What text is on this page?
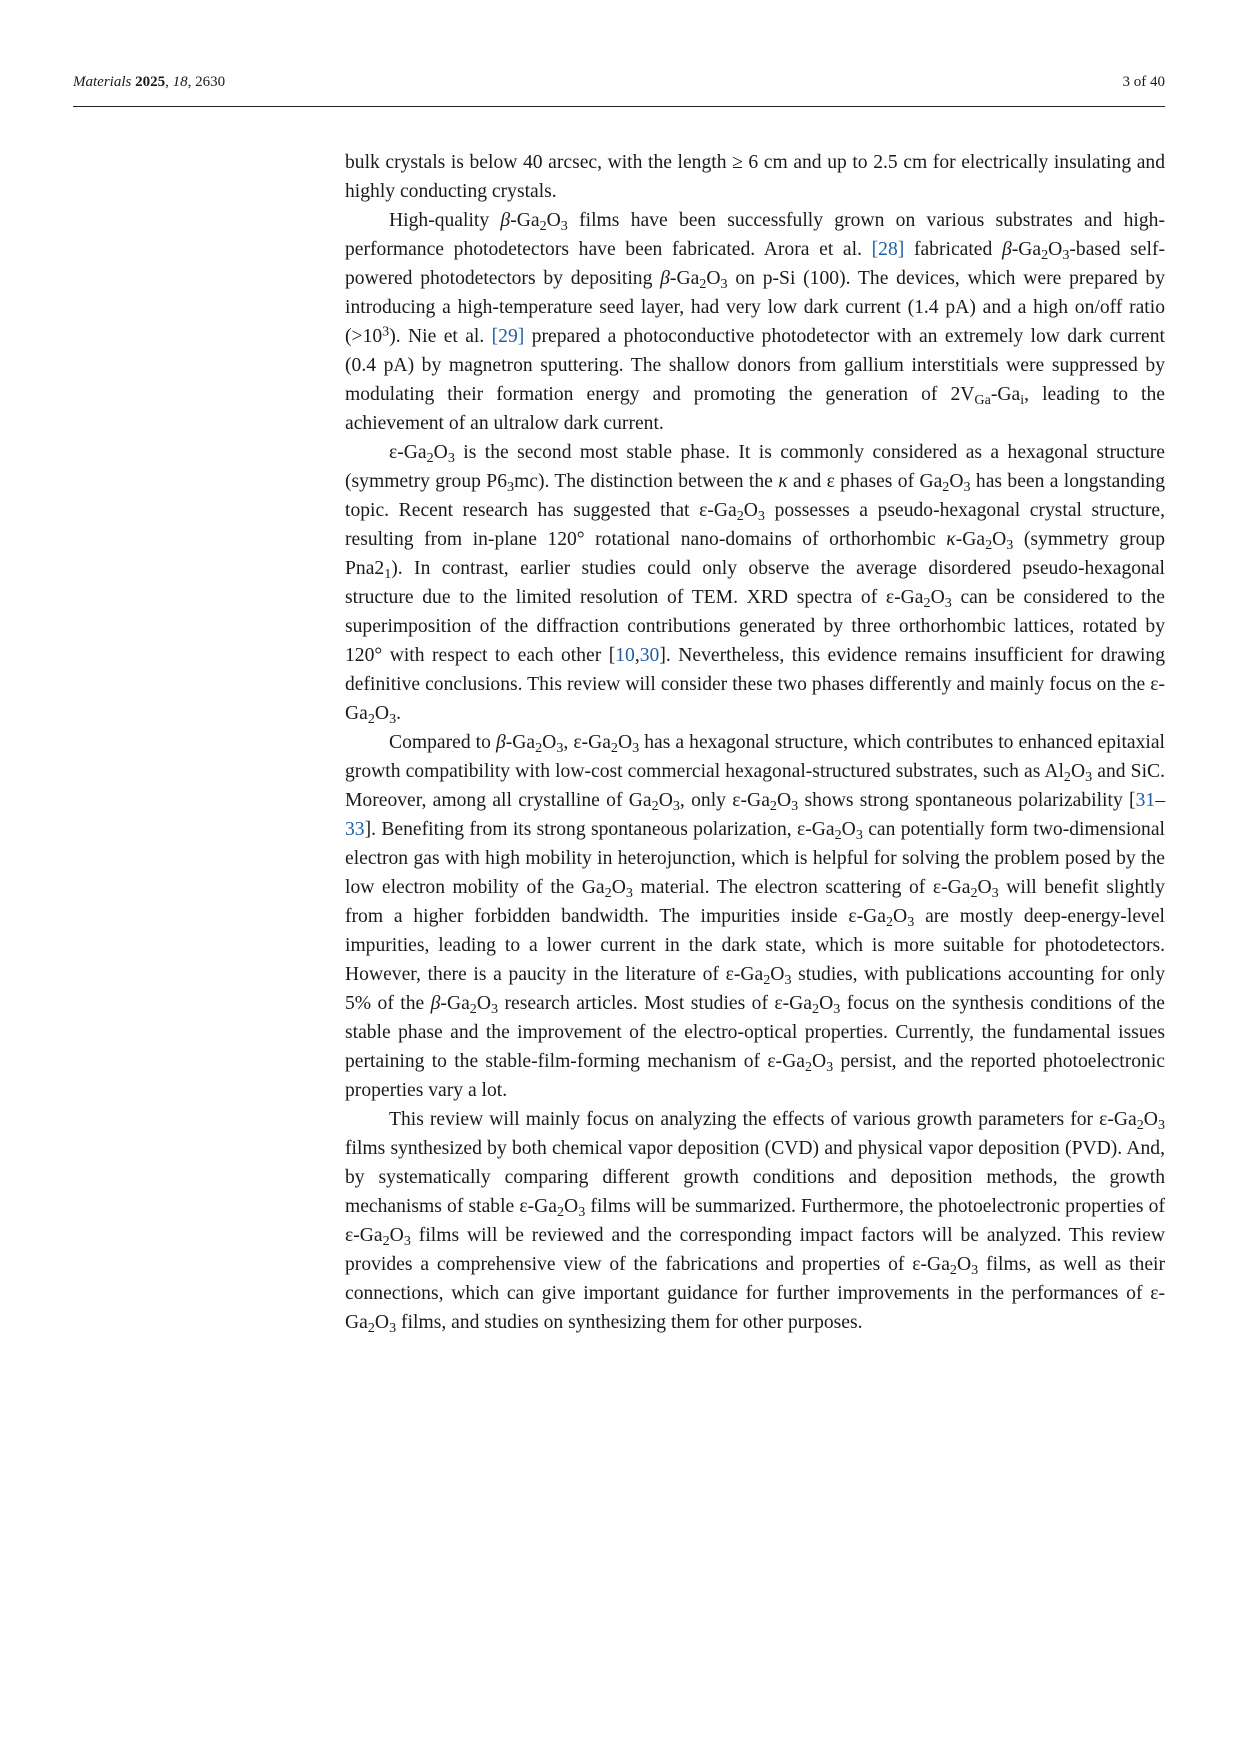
Materials 2025, 18, 2630	3 of 40

bulk crystals is below 40 arcsec, with the length ≥ 6 cm and up to 2.5 cm for electrically insulating and highly conducting crystals.

High-quality $\beta-Ga_2O_3$ films have been successfully grown on various substrates and high-performance photodetectors have been fabricated. Arora et al. [28] fabricated $\beta-Ga_2O_3$-based self-powered photodetectors by depositing $\beta-Ga_2O_3$ on p-Si (100). The devices, which were prepared by introducing a high-temperature seed layer, had very low dark current (1.4 pA) and a high on/off ratio $(>10^3)$. Nie et al. [29] prepared a photoconductive photodetector with an extremely low dark current (0.4 pA) by magnetron sputtering. The shallow donors from gallium interstitials were suppressed by modulating their formation energy and promoting the generation of $2V_{Ga}-Ga_i$, leading to the achievement of an ultralow dark current.

$\varepsilon-Ga_2O_3$ is the second most stable phase. It is commonly considered as a hexagonal structure (symmetry group $P6_3mc$). The distinction between the κ and ε phases of $Ga_2O_3$ has been a longstanding topic. Recent research has suggested that $\varepsilon-Ga_2O_3$ possesses a pseudo-hexagonal crystal structure, resulting from in-plane 120° rotational nano-domains of orthorhombic $\kappa-Ga_2O_3$ (symmetry group $Pna2_1$). In contrast, earlier studies could only observe the average disordered pseudo-hexagonal structure due to the limited resolution of TEM. XRD spectra of $\varepsilon-Ga_2O_3$ can be considered to the superimposition of the diffraction contributions generated by three orthorhombic lattices, rotated by 120° with respect to each other [10,30]. Nevertheless, this evidence remains insufficient for drawing definitive conclusions. This review will consider these two phases differently and mainly focus on the $\varepsilon-Ga_2O_3$.

Compared to $\beta-Ga_2O_3$, $\varepsilon-Ga_2O_3$ has a hexagonal structure, which contributes to enhanced epitaxial growth compatibility with low-cost commercial hexagonal-structured substrates, such as $Al_2O_3$ and SiC. Moreover, among all crystalline of $Ga_2O_3$, only $\varepsilon-Ga_2O_3$ shows strong spontaneous polarizability [31–33]. Benefiting from its strong spontaneous polarization, $\varepsilon-Ga_2O_3$ can potentially form two-dimensional electron gas with high mobility in heterojunction, which is helpful for solving the problem posed by the low electron mobility of the $Ga_2O_3$ material. The electron scattering of $\varepsilon-Ga_2O_3$ will benefit slightly from a higher forbidden bandwidth. The impurities inside $\varepsilon-Ga_2O_3$ are mostly deep-energy-level impurities, leading to a lower current in the dark state, which is more suitable for photodetectors. However, there is a paucity in the literature of $\varepsilon-Ga_2O_3$ studies, with publications accounting for only 5% of the $\beta-Ga_2O_3$ research articles. Most studies of $\varepsilon-Ga_2O_3$ focus on the synthesis conditions of the stable phase and the improvement of the electro-optical properties. Currently, the fundamental issues pertaining to the stable-film-forming mechanism of $\varepsilon-Ga_2O_3$ persist, and the reported photoelectronic properties vary a lot.

This review will mainly focus on analyzing the effects of various growth parameters for $\varepsilon-Ga_2O_3$ films synthesized by both chemical vapor deposition (CVD) and physical vapor deposition (PVD). And, by systematically comparing different growth conditions and deposition methods, the growth mechanisms of stable $\varepsilon-Ga_2O_3$ films will be summarized. Furthermore, the photoelectronic properties of $\varepsilon-Ga_2O_3$ films will be reviewed and the corresponding impact factors will be analyzed. This review provides a comprehensive view of the fabrications and properties of $\varepsilon-Ga_2O_3$ films, as well as their connections, which can give important guidance for further improvements in the performances of $\varepsilon-Ga_2O_3$ films, and studies on synthesizing them for other purposes.
